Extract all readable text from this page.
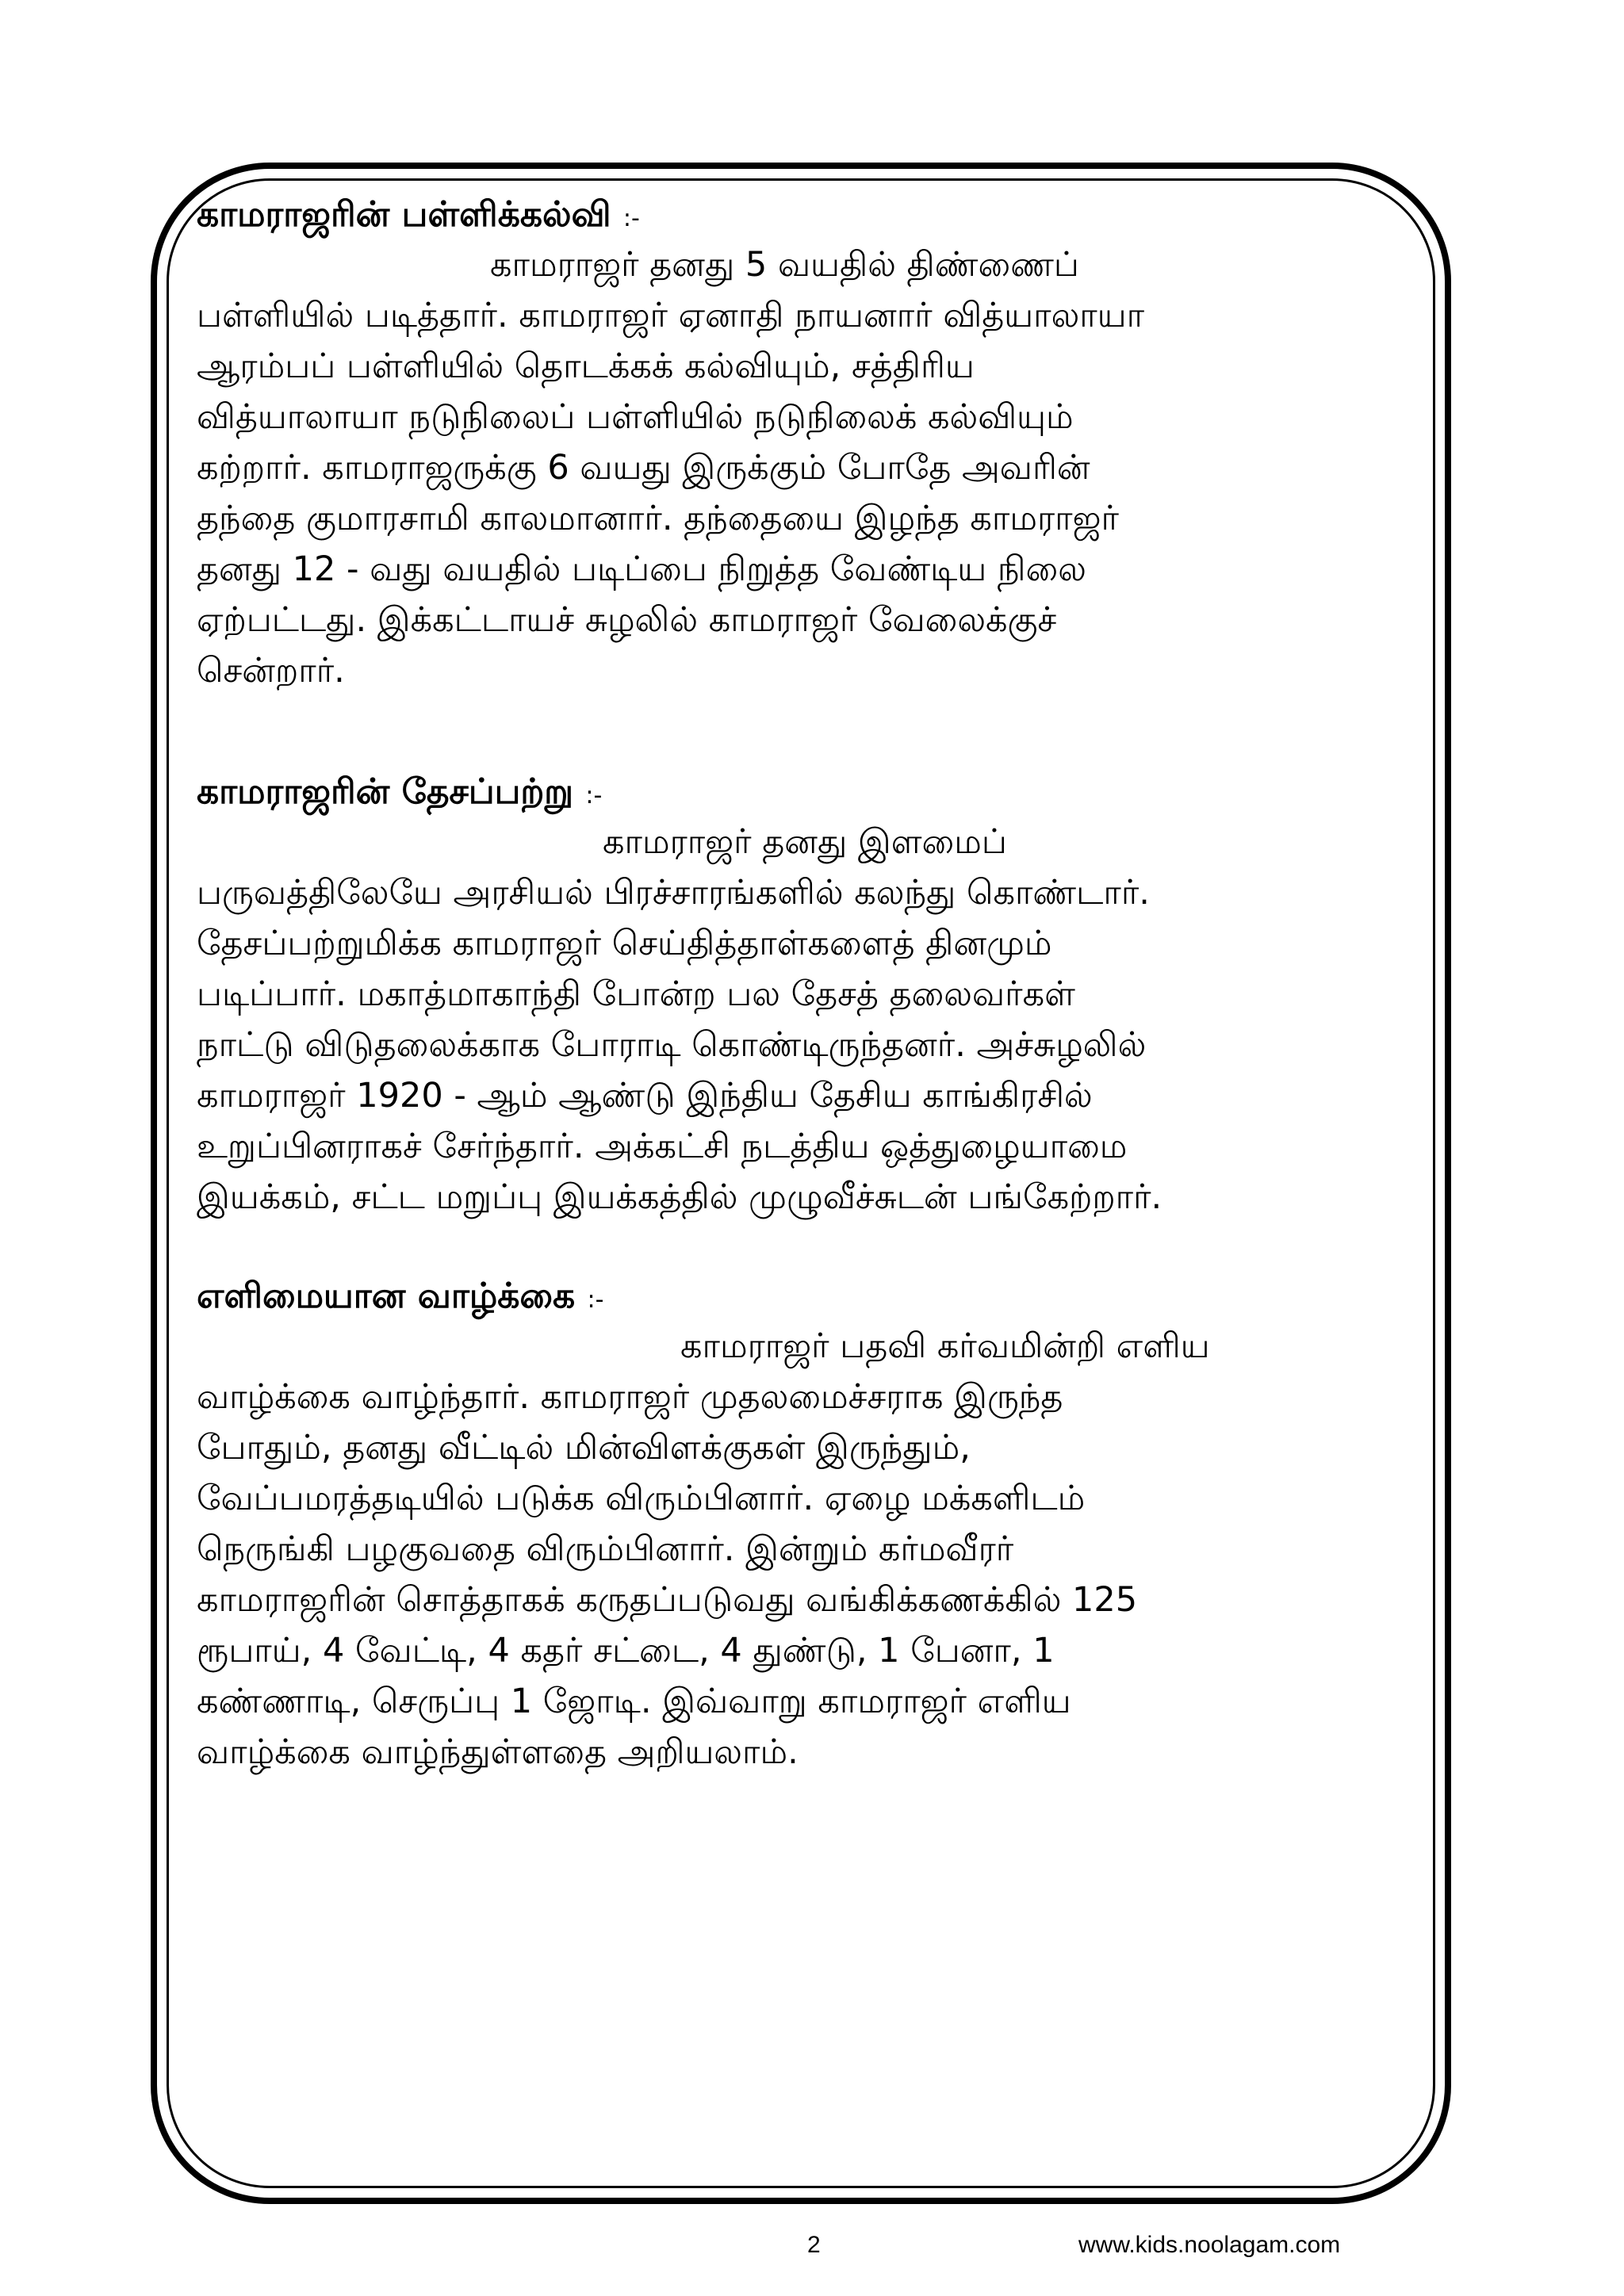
காமராஜரின் பள்ளிக்கல்வி :-
காமராஜர் தனது 5 வயதில் திண்ணைப்
பள்ளியில் படித்தார். காமராஜர் ஏனாதி நாயனார் வித்யாலாயா
ஆரம்பப் பள்ளியில் தொடக்கக் கல்வியும், சத்திரிய
வித்யாலாயா நடுநிலைப் பள்ளியில் நடுநிலைக் கல்வியும்
கற்றார். காமராஜருக்கு 6 வயது இருக்கும் போதே அவரின்
தந்தை குமாரசாமி காலமானார். தந்தையை இழந்த காமராஜர்
தனது 12 - வது வயதில் படிப்பை நிறுத்த வேண்டிய நிலை
ஏற்பட்டது. இக்கட்டாயச் சுழலில் காமராஜர் வேலைக்குச்
சென்றார்.
காமராஜரின் தேசப்பற்று :-
காமராஜர் தனது இளமைப்
பருவத்திலேயே அரசியல் பிரச்சாரங்களில் கலந்து கொண்டார்.
தேசப்பற்றுமிக்க காமராஜர் செய்தித்தாள்களைத் தினமும்
படிப்பார். மகாத்மாகாந்தி போன்ற பல தேசத் தலைவர்கள்
நாட்டு விடுதலைக்காக போராடி கொண்டிருந்தனர். அச்சுழலில்
காமராஜர் 1920 - ஆம் ஆண்டு இந்திய தேசிய காங்கிரசில்
உறுப்பினராகச் சேர்ந்தார். அக்கட்சி நடத்திய ஒத்துழையாமை
இயக்கம், சட்ட மறுப்பு இயக்கத்தில் முழுவீச்சுடன் பங்கேற்றார்.
எளிமையான வாழ்க்கை :-
காமராஜர் பதவி கர்வமின்றி எளிய
வாழ்க்கை வாழ்ந்தார். காமராஜர் முதலமைச்சராக இருந்த
போதும், தனது வீட்டில் மின்விளக்குகள் இருந்தும்,
வேப்பமரத்தடியில் படுக்க விரும்பினார். ஏழை மக்களிடம்
நெருங்கி பழகுவதை விரும்பினார். இன்றும் கர்மவீரர்
காமராஜரின் சொத்தாகக் கருதப்படுவது வங்கிக்கணக்கில் 125
ரூபாய், 4 வேட்டி, 4 கதர் சட்டை, 4 துண்டு, 1 பேனா, 1
கண்ணாடி, செருப்பு 1 ஜோடி. இவ்வாறு காமராஜர் எளிய
வாழ்க்கை வாழ்ந்துள்ளதை அறியலாம்.
2	www.kids.noolagam.com
